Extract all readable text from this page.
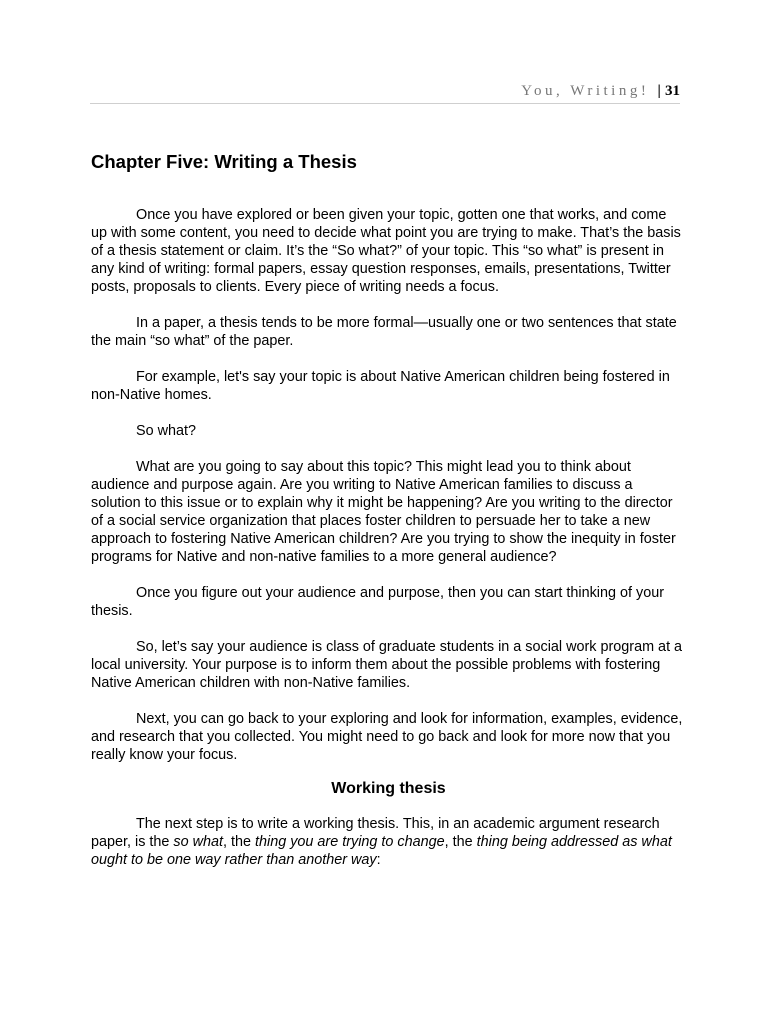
You, Writing! | 31
Chapter Five: Writing a Thesis

Once you have explored or been given your topic, gotten one that works, and come up with some content, you need to decide what point you are trying to make. That’s the basis of a thesis statement or claim. It’s the “So what?” of your topic. This “so what” is present in any kind of writing: formal papers, essay question responses, emails, presentations, Twitter posts, proposals to clients. Every piece of writing needs a focus.

In a paper, a thesis tends to be more formal—usually one or two sentences that state the main “so what” of the paper.

For example, let's say your topic is about Native American children being fostered in non-Native homes.

So what?

What are you going to say about this topic? This might lead you to think about audience and purpose again. Are you writing to Native American families to discuss a solution to this issue or to explain why it might be happening? Are you writing to the director of a social service organization that places foster children to persuade her to take a new approach to fostering Native American children? Are you trying to show the inequity in foster programs for Native and non-native families to a more general audience?

Once you figure out your audience and purpose, then you can start thinking of your thesis.

So, let’s say your audience is class of graduate students in a social work program at a local university. Your purpose is to inform them about the possible problems with fostering Native American children with non-Native families.

Next, you can go back to your exploring and look for information, examples, evidence, and research that you collected. You might need to go back and look for more now that you really know your focus.

Working thesis

The next step is to write a working thesis. This, in an academic argument research paper, is the so what, the thing you are trying to change, the thing being addressed as what ought to be one way rather than another way:
